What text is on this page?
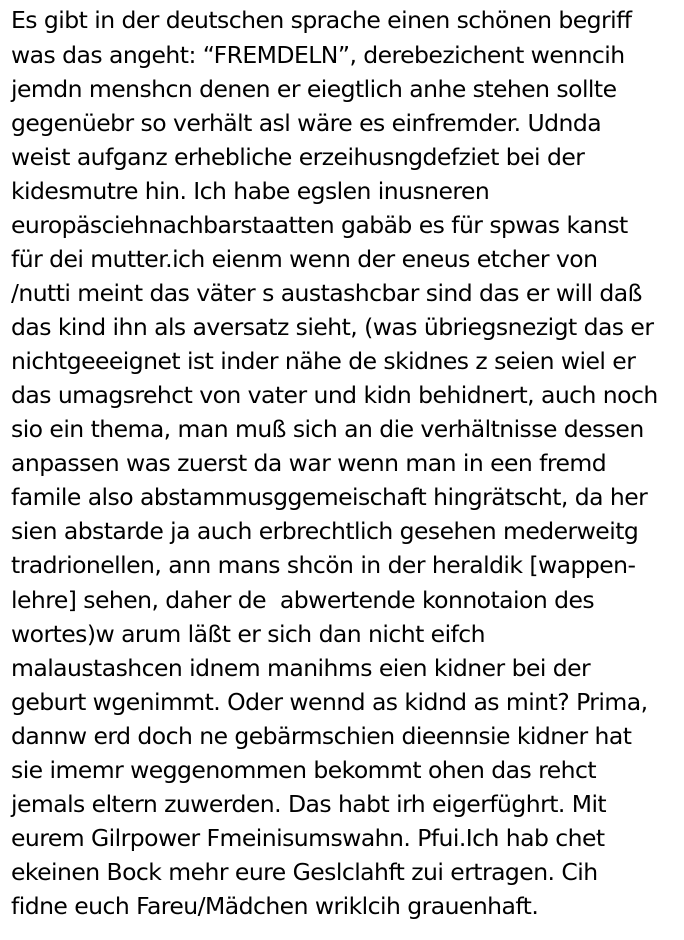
Es gibt in der deutschen sprache einen schönen begriff
was das angeht: “FREMDELN”, derebezichent wenncih
jemdn menshcn denen er eiegtlich anhe stehen sollte
gegenüebr so verhält asl wäre es einfremder. Udnda
weist aufganz erhebliche erzeihusngdefziet bei der
kidesmutre hin. Ich habe egslen inusneren
europäsciehnachbarstaatten gabäb es für spwas kanst
für dei mutter.ich eienm wenn der eneus etcher von
/nutti meint das väter s austashcbar sind das er will daß
das kind ihn als aversatz sieht, (was übriegsnezigt das er
nichtgeeeignet ist inder nähe de skidnes z seien wiel er
das umagsrehct von vater und kidn behidnert, auch noch
sio ein thema, man muß sich an die verhältnisse dessen
anpassen was zuerst da war wenn man in een fremd
famile also abstammusggemeischaft hingrätscht, da her
sien abstarde ja auch erbrechtlich gesehen mederweitg
tradrionellen, ann mans shcön in der heraldik [wappen-
lehre] sehen, daher de  abwertende konnotaion des
wortes)w arum läßt er sich dan nicht eifch
malaustashcen idnem manihms eien kidner bei der
geburt wgenimmt. Oder wennd as kidnd as mint? Prima,
dannw erd doch ne gebärmschien dieennsie kidner hat
sie imemr weggenommen bekommt ohen das rehct
jemals eltern zuwerden. Das habt irh eigerfüghrt. Mit
eurem Gilrpower Fmeinisumswahn. Pfui.Ich hab chet
ekeinen Bock mehr eure Geslclahft zui ertragen. Cih
fidne euch Fareu/Mädchen wriklcih grauenhaft.
